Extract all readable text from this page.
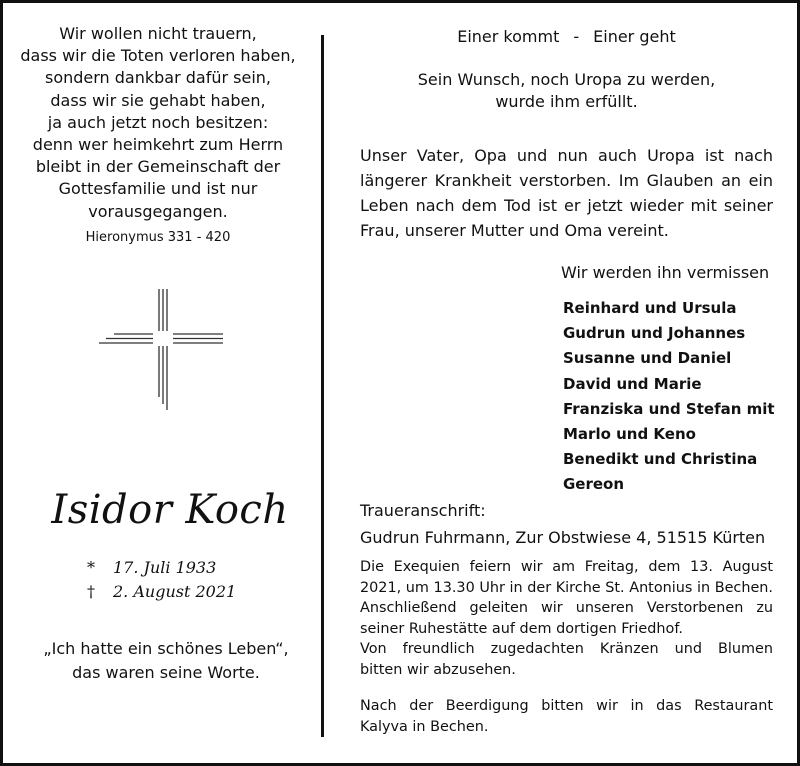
Wir wollen nicht trauern,
dass wir die Toten verloren haben,
sondern dankbar dafür sein,
dass wir sie gehabt haben,
ja auch jetzt noch besitzen:
denn wer heimkehrt zum Herrn
bleibt in der Gemeinschaft der
Gottesfamilie und ist nur
vorausgegangen.
Hieronymus 331 - 420
Isidor Koch
* 17. Juli 1933
† 2. August 2021
„Ich hatte ein schönes Leben“,
das waren seine Worte.
Einer kommt - Einer geht
Sein Wunsch, noch Uropa zu werden,
wurde ihm erfüllt.
Unser Vater, Opa und nun auch Uropa ist nach längerer Krankheit verstorben. Im Glauben an ein Leben nach dem Tod ist er jetzt wieder mit seiner Frau, unserer Mutter und Oma vereint.
Wir werden ihn vermissen
Reinhard und Ursula
Gudrun und Johannes
Susanne und Daniel
David und Marie
Franziska und Stefan mit
Marlo und Keno
Benedikt und Christina
Gereon
Traueranschrift:
Gudrun Fuhrmann, Zur Obstwiese 4, 51515 Kürten
Die Exequien feiern wir am Freitag, dem 13. August
2021, um 13.30 Uhr in der Kirche St. Antonius in Bechen.
Anschließend geleiten wir unseren Verstorbenen zu
seiner Ruhestätte auf dem dortigen Friedhof.
Von freundlich zugedachten Kränzen und Blumen
bitten wir abzusehen.
Nach der Beerdigung bitten wir in das Restaurant
Kalyva in Bechen.
